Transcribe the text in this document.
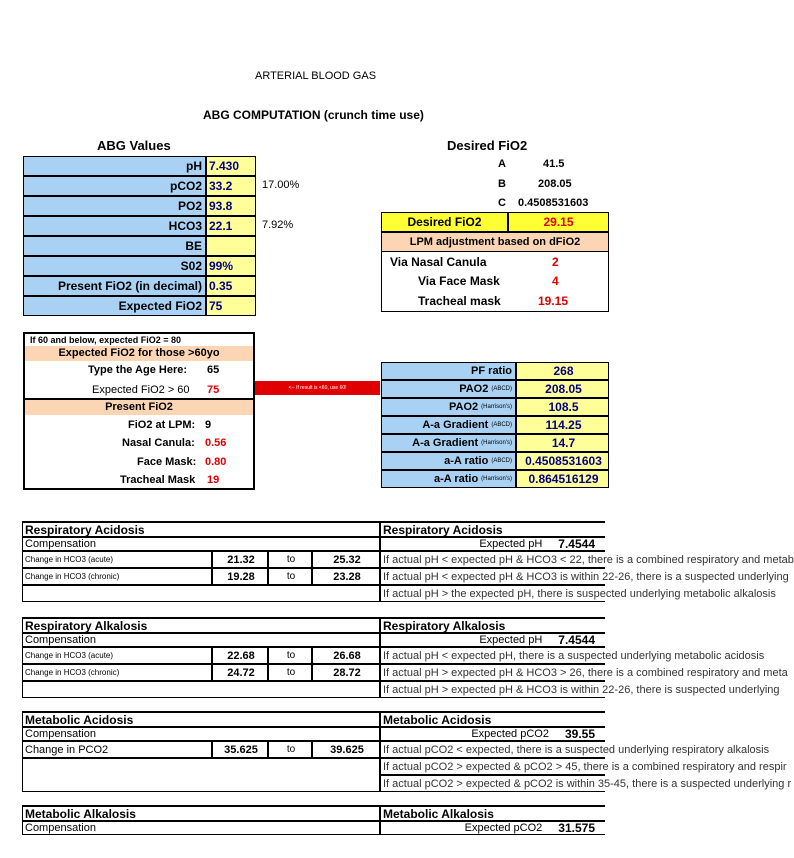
ARTERIAL BLOOD GAS
ABG COMPUTATION (crunch time use)
ABG Values
pH 7.430
pCO2 33.2	17.00%
PO2 93.8
HCO3 22.1	7.92%
BE
S02 99%
Present FiO2 (in decimal) 0.35
Expected FiO2 75
Desired FiO2
A	41.5
B	208.05
C 0.4508531603
Desired FiO2	29.15
LPM adjustment based on dFiO2
Via Nasal Canula	2
Via Face Mask	4
Tracheal mask	19.15
If 60 and below, expected FiO2 = 80
Expected FiO2 for those >60yo
Type the Age Here: 65
Expected FiO2 > 60 75
Present FiO2
FiO2 at LPM: 9
Nasal Canula: 0.56
Face Mask: 0.80
Tracheal Mask 19
<-- If result is <60, use 60!
PF ratio	268
PAO2 (ABCD)	208.05
PAO2 (Harrison's)	108.5
A-a Gradient (ABCD)	114.25
A-a Gradient (Harrison's)	14.7
a-A ratio (ABCD) 0.4508531603
a-A ratio (Harrison's) 0.864516129
Respiratory Acidosis	Respiratory Acidosis
Compensation	Expected pH 7.4544
Change in HCO3 (acute)	21.32	to	25.32
Change in HCO3 (chronic)	19.28	to	23.28
If actual pH < expected pH & HCO3 < 22, there is a combined respiratory and metab
If actual pH < expected pH & HCO3 is within 22-26, there is a suspected underlying
If actual pH > the expected pH, there is suspected underlying metabolic alkalosis
Respiratory Alkalosis	Respiratory Alkalosis
Compensation	Expected pH 7.4544
Change in HCO3 (acute)	22.68	to	26.68
Change in HCO3 (chronic)	24.72	to	28.72
If actual pH < expected pH, there is a suspected underlying metabolic acidosis
If actual pH > expected pH & HCO3 > 26, there is a combined respiratory and meta
If actual pH > expected pH & HCO3 is within 22-26, there is suspected underlying
Metabolic Acidosis	Metabolic Acidosis
Compensation	Expected pCO2 39.55
Change in PCO2	35.625	to	39.625 If actual pCO2 < expected, there is a suspected underlying respiratory alkalosis
If actual pCO2 > expected & pCO2 > 45, there is a combined respiratory and respir
If actual pCO2 > expected & pCO2 is within 35-45, there is a suspected underlying r
Metabolic Alkalosis	Metabolic Alkalosis
Compensation	Expected pCO2 31.575
